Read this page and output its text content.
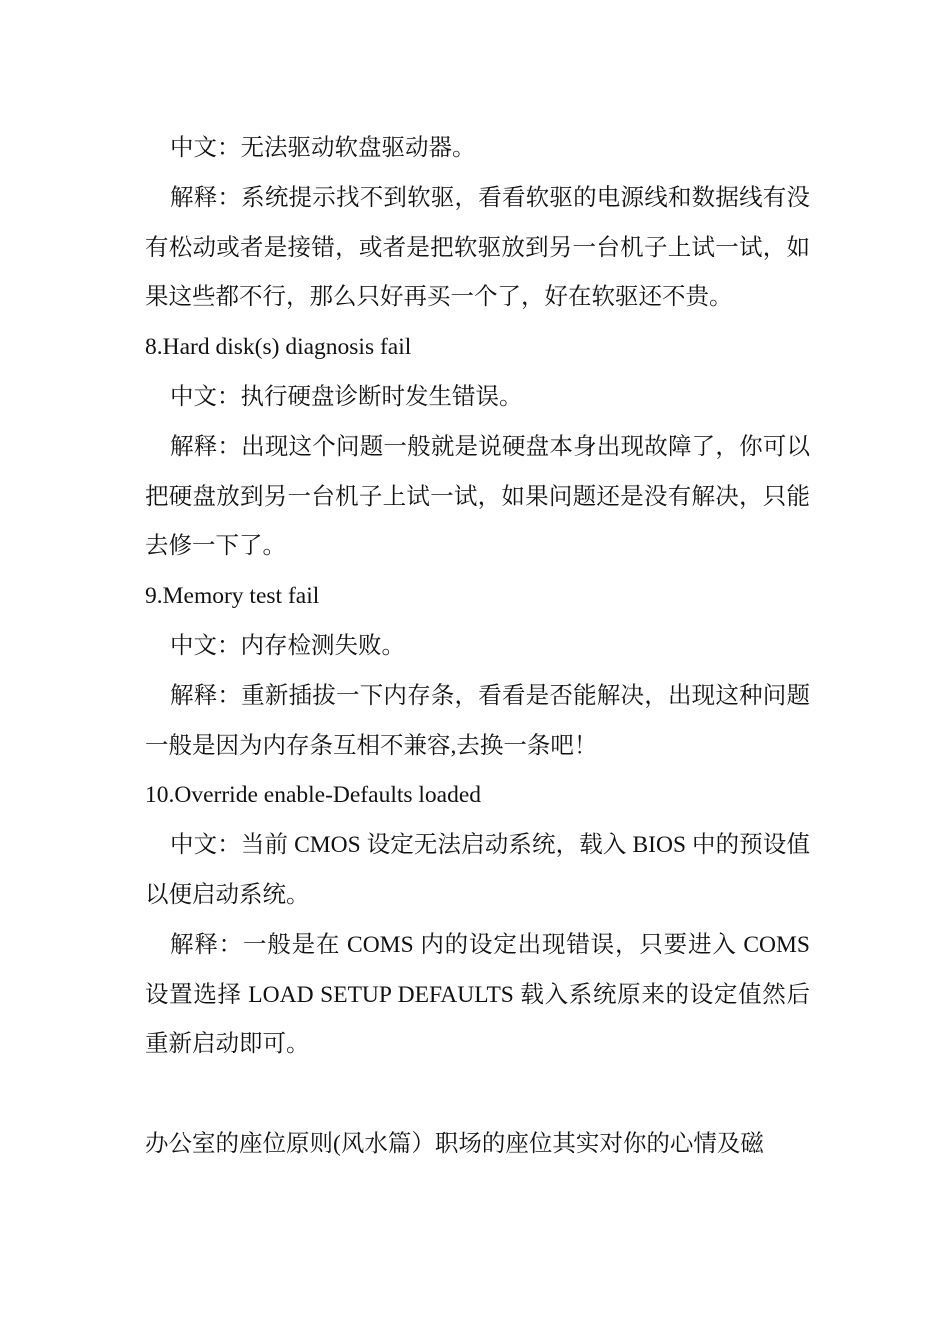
中文：无法驱动软盘驱动器。

解释：系统提示找不到软驱，看看软驱的电源线和数据线有没有松动或者是接错，或者是把软驱放到另一台机子上试一试，如果这些都不行，那么只好再买一个了，好在软驱还不贵。

8.Hard disk(s) diagnosis fail

中文：执行硬盘诊断时发生错误。

解释：出现这个问题一般就是说硬盘本身出现故障了，你可以把硬盘放到另一台机子上试一试，如果问题还是没有解决，只能去修一下了。

9.Memory test fail

中文：内存检测失败。

解释：重新插拔一下内存条，看看是否能解决，出现这种问题一般是因为内存条互相不兼容,去换一条吧！

10.Override enable-Defaults loaded

中文：当前 CMOS 设定无法启动系统，载入 BIOS 中的预设值以便启动系统。

解释：一般是在 COMS 内的设定出现错误，只要进入 COMS 设置选择 LOAD SETUP DEFAULTS 载入系统原来的设定值然后重新启动即可。

办公室的座位原则(风水篇）职场的座位其实对你的心情及磁
